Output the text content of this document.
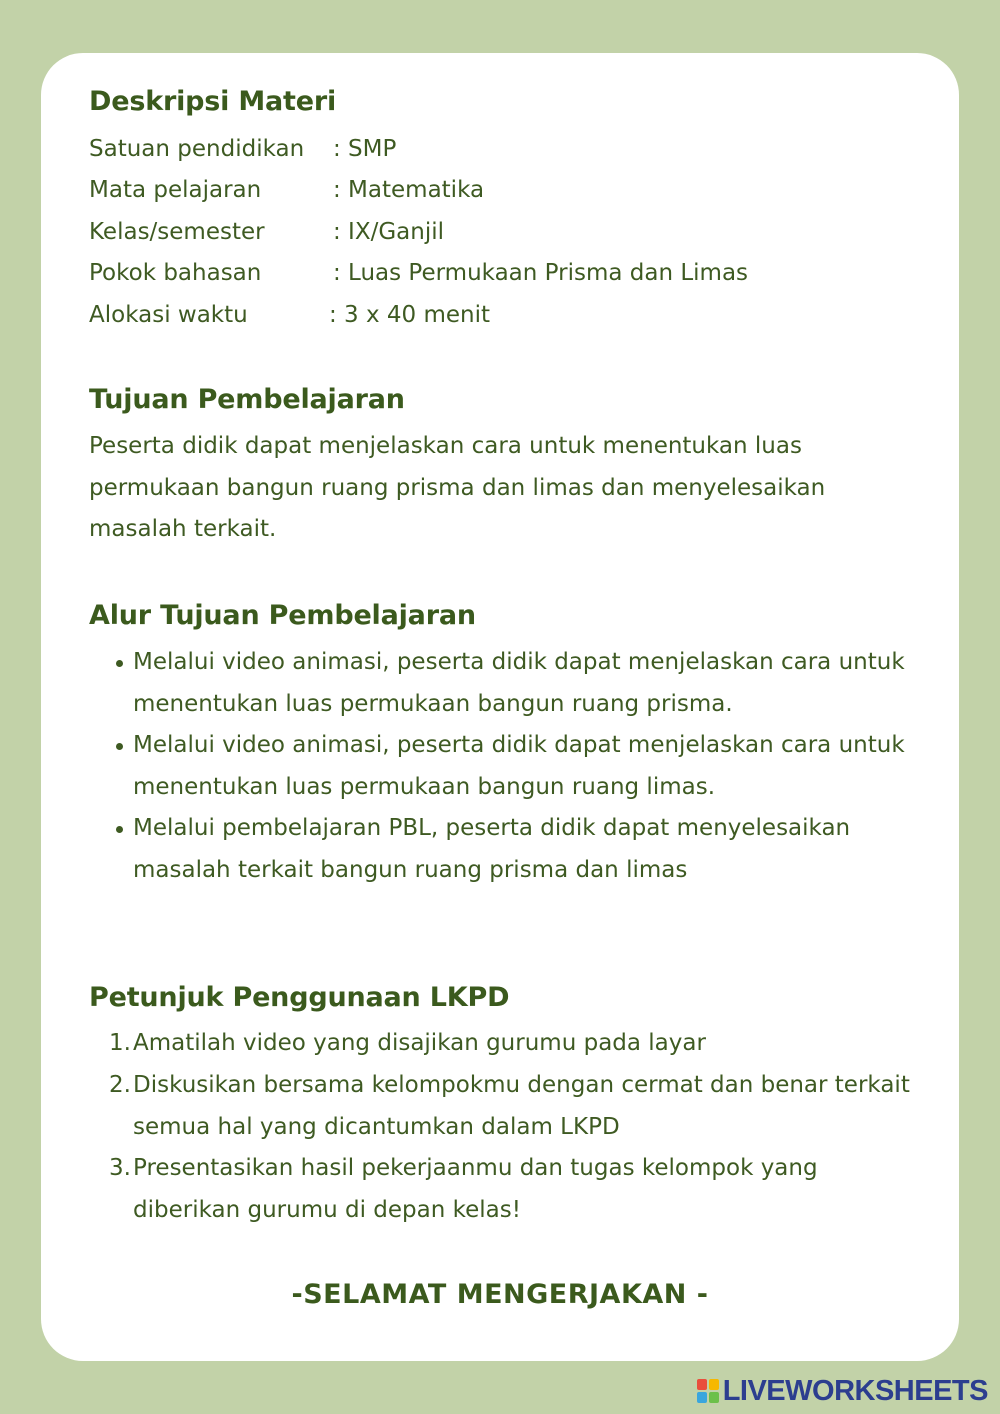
Deskripsi Materi
Satuan pendidikan : SMP
Mata pelajaran	: Matematika
Kelas/semester	: IX/Ganjil
Pokok bahasan	: Luas Permukaan Prisma dan Limas
Alokasi waktu	: 3 x 40 menit
Tujuan Pembelajaran
Peserta didik dapat menjelaskan cara untuk menentukan luas permukaan bangun ruang prisma dan limas dan menyelesaikan masalah terkait.
Alur Tujuan Pembelajaran
Melalui video animasi, peserta didik dapat menjelaskan cara untuk menentukan luas permukaan bangun ruang prisma.
Melalui video animasi, peserta didik dapat menjelaskan cara untuk menentukan luas permukaan bangun ruang limas.
Melalui pembelajaran PBL, peserta didik dapat menyelesaikan masalah terkait bangun ruang prisma dan limas
Petunjuk Penggunaan LKPD
1. Amatilah video yang disajikan gurumu pada layar
2. Diskusikan bersama kelompokmu dengan cermat dan benar terkait semua hal yang dicantumkan dalam LKPD
3. Presentasikan hasil pekerjaanmu dan tugas kelompok yang diberikan gurumu di depan kelas!
-SELAMAT MENGERJAKAN -
LIVEWORKSHEETS
